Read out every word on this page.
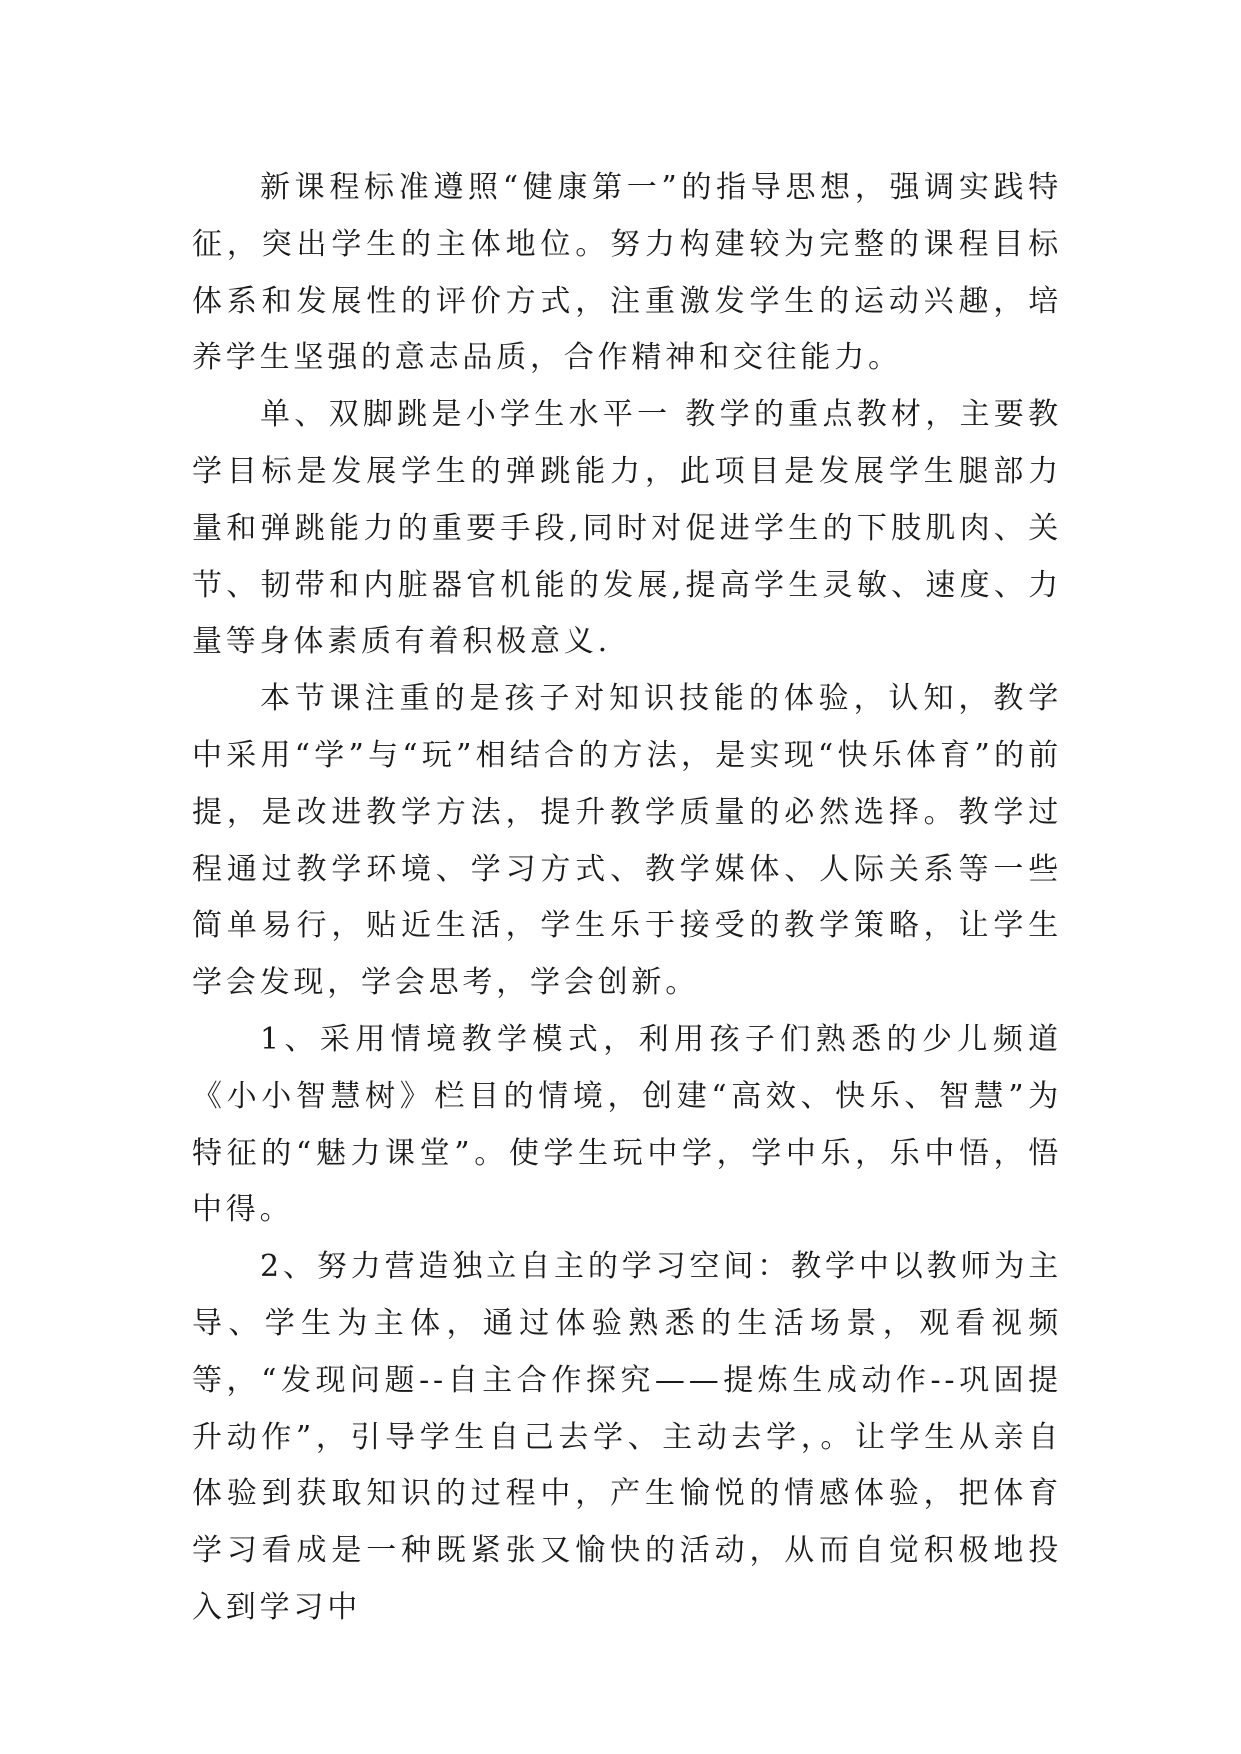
新课程标准遵照“健康第一”的指导思想，强调实践特征，突出学生的主体地位。努力构建较为完整的课程目标体系和发展性的评价方式，注重激发学生的运动兴趣，培养学生坚强的意志品质，合作精神和交往能力。

单、双脚跳是小学生水平一 教学的重点教材，主要教学目标是发展学生的弹跳能力，此项目是发展学生腿部力量和弹跳能力的重要手段,同时对促进学生的下肢肌肉、关节、韧带和内脏器官机能的发展,提高学生灵敏、速度、力量等身体素质有着积极意义.

本节课注重的是孩子对知识技能的体验，认知，教学中采用“学”与“玩”相结合的方法，是实现“快乐体育”的前提，是改进教学方法，提升教学质量的必然选择。教学过程通过教学环境、学习方式、教学媒体、人际关系等一些简单易行，贴近生活，学生乐于接受的教学策略，让学生学会发现，学会思考，学会创新。

1、采用情境教学模式，利用孩子们熟悉的少儿频道《小小智慧树》栏目的情境，创建“高效、快乐、智慧”为特征的“魅力课堂”。使学生玩中学，学中乐，乐中悟，悟中得。

2、努力营造独立自主的学习空间：教学中以教师为主导、学生为主体，通过体验熟悉的生活场景，观看视频等，“发现问题--自主合作探究——提炼生成动作--巩固提升动作”，引导学生自己去学、主动去学，。让学生从亲自体验到获取知识的过程中，产生愉悦的情感体验，把体育学习看成是一种既紧张又愉快的活动，从而自觉积极地投入到学习中
